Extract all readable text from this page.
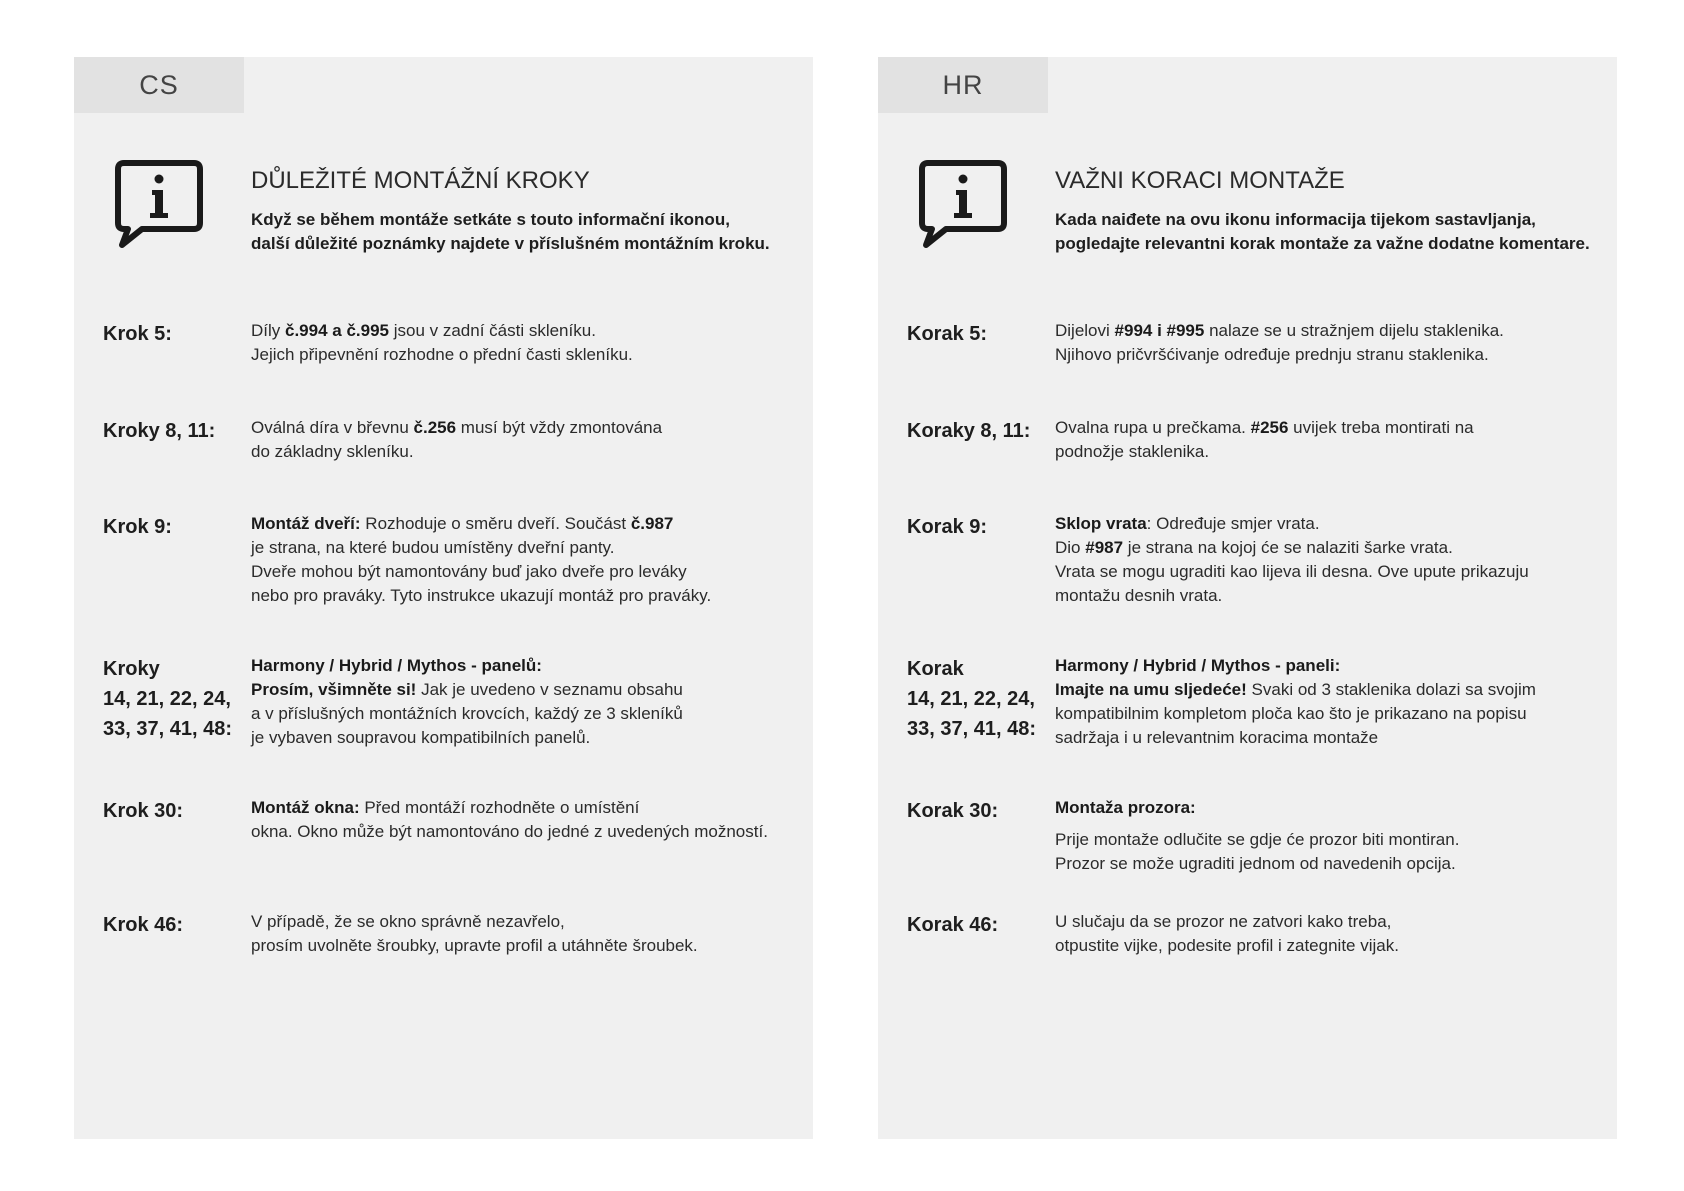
CS
DŮLEŽITÉ MONTÁŽNÍ KROKY
Když se během montáže setkáte s touto informační ikonou,
další důležité poznámky najdete v příslušném montážním kroku.
Krok 5:	Díly č.994 a č.995 jsou v zadní části skleníku.
Jejich připevnění rozhodne o přední časti skleníku.
Kroky 8, 11: Oválná díra v břevnu č.256 musí být vždy zmontována
do základny skleníku.
Krok 9:	Montáž dveří: Rozhoduje o směru dveří. Součást č.987
je strana, na které budou umístěny dveřní panty.
Dveře mohou být namontovány buď jako dveře pro leváky
nebo pro praváky. Tyto instrukce ukazují montáž pro praváky.
Kroky
14, 21, 22, 24,
33, 37, 41, 48:
Harmony / Hybrid / Mythos - panelů:
Prosím, všimněte si! Jak je uvedeno v seznamu obsahu
a v příslušných montážních krovcích, každý ze 3 skleníků
je vybaven soupravou kompatibilních panelů.
Krok 30:	Montáž okna: Před montáží rozhodněte o umístění
okna. Okno může být namontováno do jedné z uvedených možností.
Krok 46:	V případě, že se okno správně nezavřelo,
prosím uvolněte šroubky, upravte profil a utáhněte šroubek.
HR
VAŽNI KORACI MONTAŽE
Kada naiđete na ovu ikonu informacija tijekom sastavljanja,
pogledajte relevantni korak montaže za važne dodatne komentare.
Korak 5:	Dijelovi #994 i #995 nalaze se u stražnjem dijelu staklenika.
Njihovo pričvršćivanje određuje prednju stranu staklenika.
Koraky 8, 11: Ovalna rupa u prečkama. #256 uvijek treba montirati na
podnožje staklenika.
Korak 9:	Sklop vrata: Određuje smjer vrata.
Dio #987 je strana na kojoj će se nalaziti šarke vrata.
Vrata se mogu ugraditi kao lijeva ili desna. Ove upute prikazuju
montažu desnih vrata.
Korak
14, 21, 22, 24,
33, 37, 41, 48:
Harmony / Hybrid / Mythos - paneli:
Imajte na umu sljedeće! Svaki od 3 staklenika dolazi sa svojim
kompatibilnim kompletom ploča kao što je prikazano na popisu
sadržaja i u relevantnim koracima montaže
Korak 30:	Montaža prozora:
Prije montaže odlučite se gdje će prozor biti montiran.
Prozor se može ugraditi jednom od navedenih opcija.
Korak 46:	U slučaju da se prozor ne zatvori kako treba,
otpustite vijke, podesite profil i zategnite vijak.
